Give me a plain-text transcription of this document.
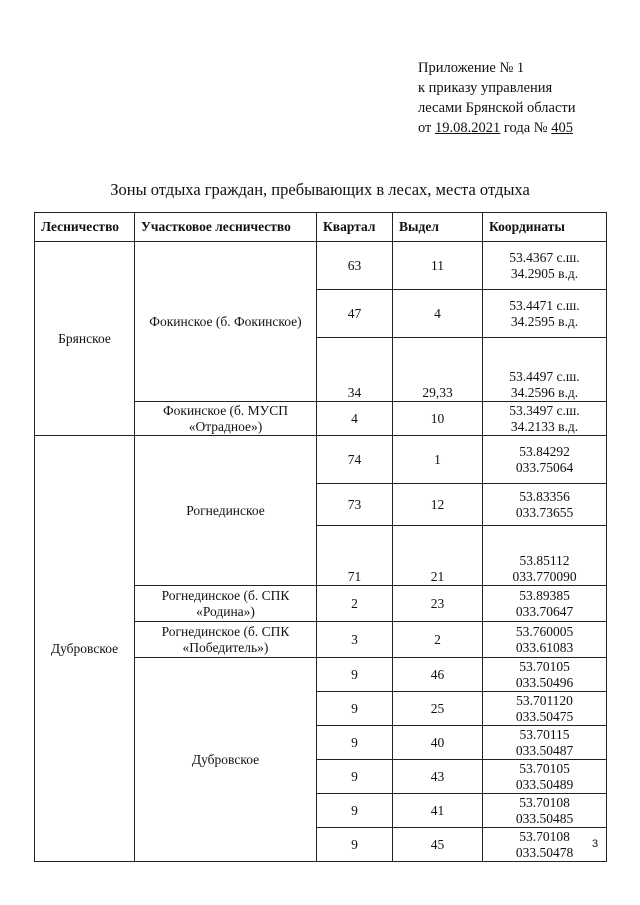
Приложение № 1
к приказу управления
лесами Брянской области
от 19.08.2021 года № 405
Зоны отдыха граждан, пребывающих в лесах, места отдыха
Лесничество	Участковое лесничество	Квартал	Выдел	Координаты
Брянское	Фокинское (б. Фокинское)	63	11	53.4367 с.ш.
34.2905 в.д.

		47	4	53.4471 с.ш.
34.2595 в.д.

		34	29,33	53.4497 с.ш.
34.2596 в.д.

	Фокинское (б. МУСП «Отрадное»)	4	10	53.3497 с.ш.
34.2133 в.д.

Дубровское	Рогнединское	74	1	53.84292
033.75064

		73	12	53.83356
033.73655

		71	21	53.85112
033.770090

	Рогнединское (б. СПК «Родина»)	2	23	53.89385
033.70647

	Рогнединское (б. СПК «Победитель»)	3	2	53.760005
033.61083

	Дубровское	9	46	53.70105
033.50496

		9	25	53.701120
033.50475

		9	40	53.70115
033.50487

		9	43	53.70105
033.50489

		9	41	53.70108
033.50485

		9	45	53.70108
033.50478
3
